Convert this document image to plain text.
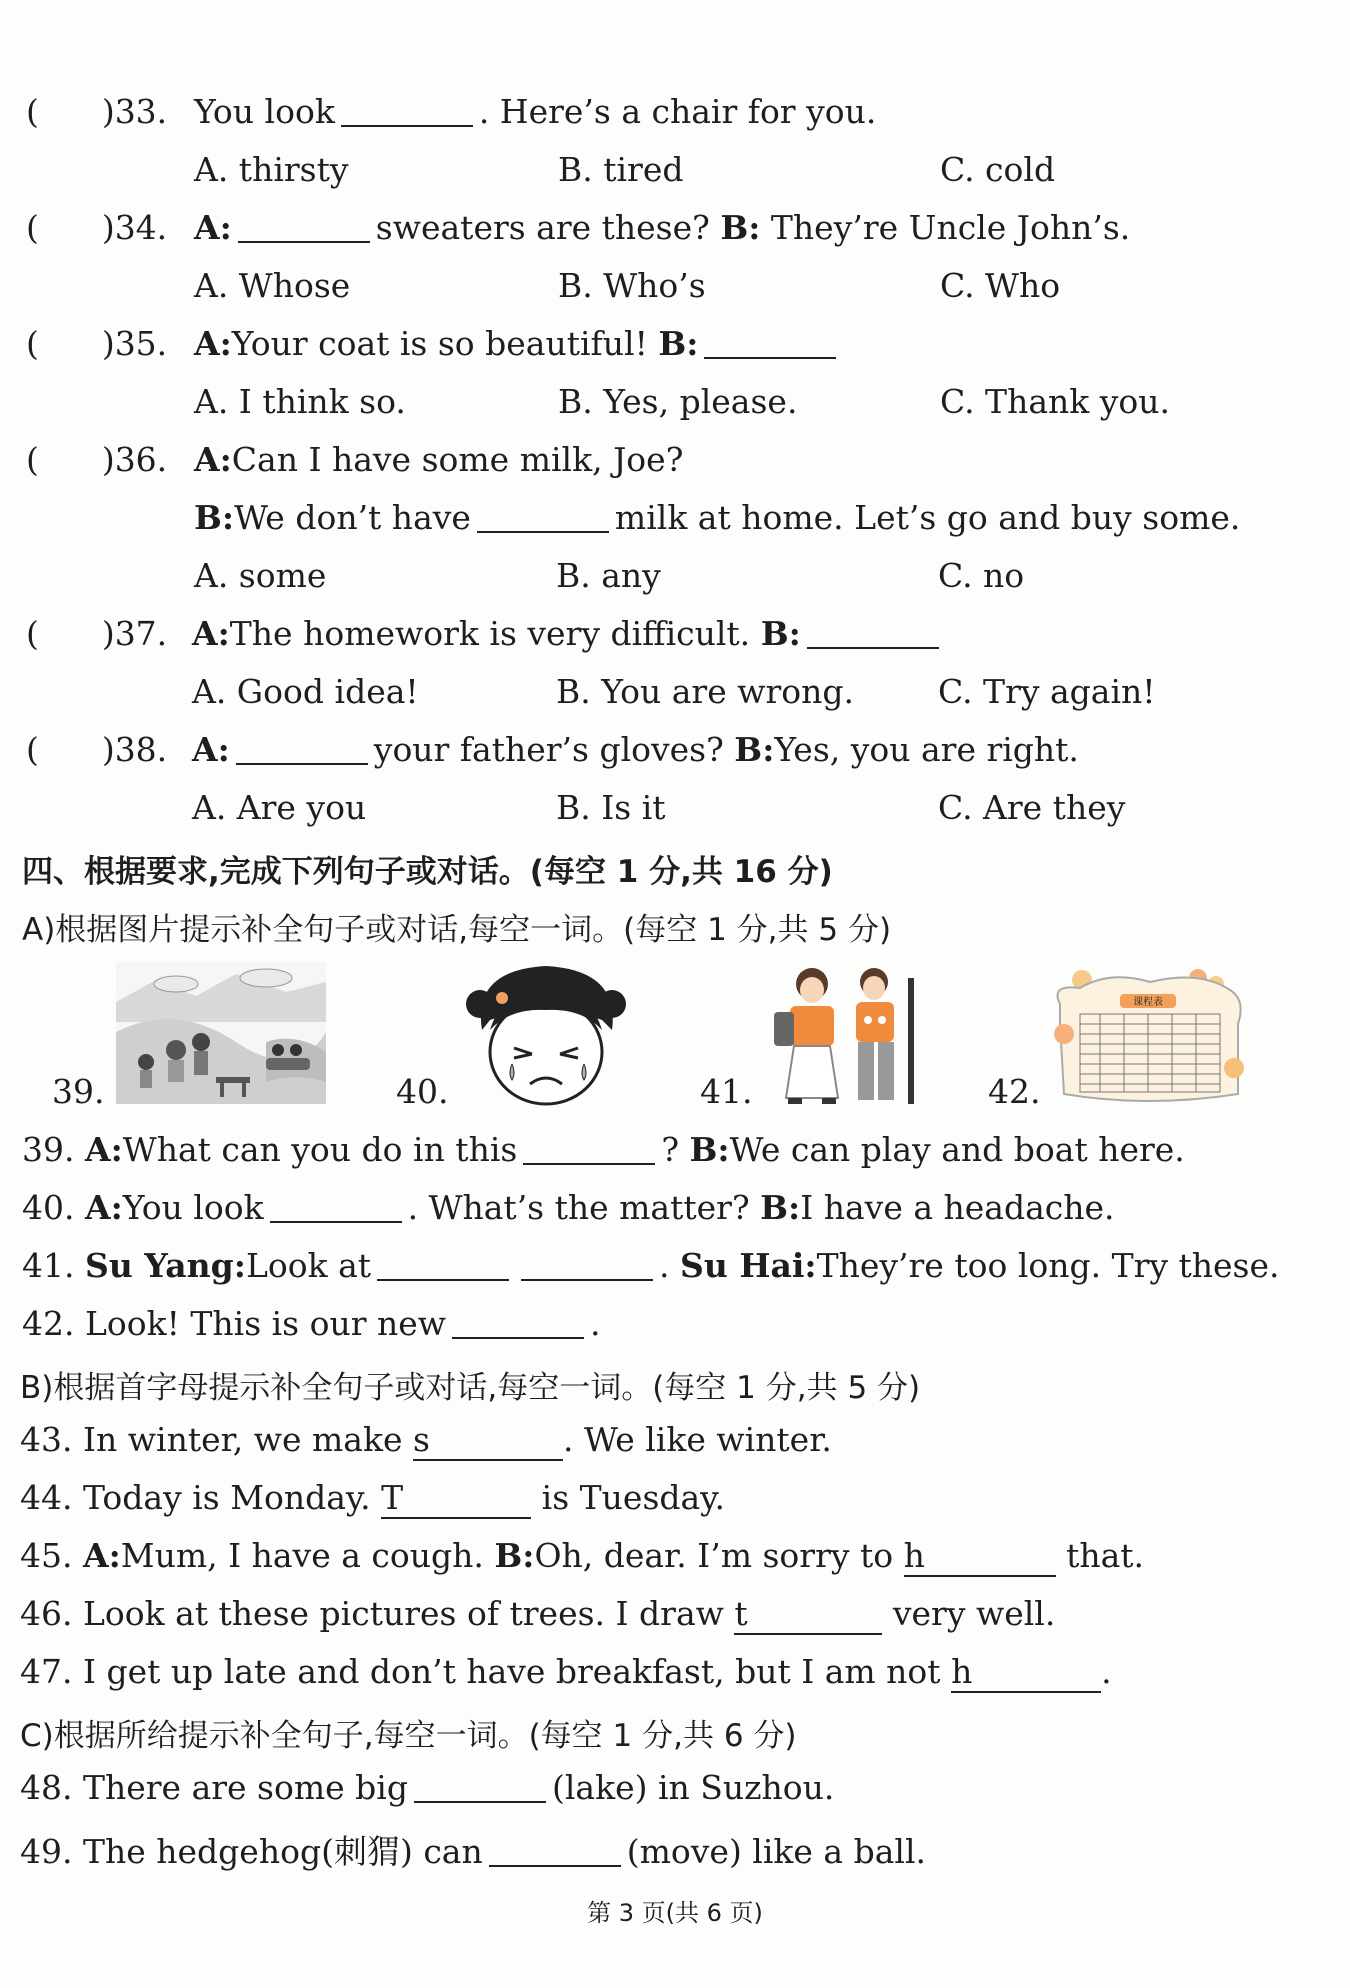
(      )33. You look	. Here’s a chair for you.
A. thirsty	B. tired	C. cold
(      )34. A:	sweaters are these? B: They’re Uncle John’s.
A. Whose	B. Who’s	C. Who
(      )35. A:Your coat is so beautiful! B:
A. I think so.	B. Yes, please.	C. Thank you.
(      )36. A:Can I have some milk, Joe?
B:We don’t have	milk at home. Let’s go and buy some.
A. some	B. any	C. no
(      )37. A:The homework is very difficult. B:
A. Good idea!	B. You are wrong.	C. Try again!
(      )38. A:	your father’s gloves? B:Yes, you are right.
A. Are you	B. Is it	C. Are they
四、根据要求,完成下列句子或对话。(每空 1 分,共 16 分)
A)根据图片提示补全句子或对话,每空一词。(每空 1 分,共 5 分)
39.	40.	41.	42.
课程表
39. A:What can you do in this	? B:We can play and boat here.
40. A:You look	. What’s the matter? B:I have a headache.
41. Su Yang:Look at	. Su Hai:They’re too long. Try these.
42. Look! This is our new	.
B)根据首字母提示补全句子或对话,每空一词。(每空 1 分,共 5 分)
43. In winter, we make s	. We like winter.
44. Today is Monday. T	is Tuesday.
45. A:Mum, I have a cough. B:Oh, dear. I’m sorry to h	that.
46. Look at these pictures of trees. I draw t	very well.
47. I get up late and don’t have breakfast, but I am not h	.
C)根据所给提示补全句子,每空一词。(每空 1 分,共 6 分)
48. There are some big	(lake) in Suzhou.
49. The hedgehog(刺猬) can	(move) like a ball.
第 3 页(共 6 页)
